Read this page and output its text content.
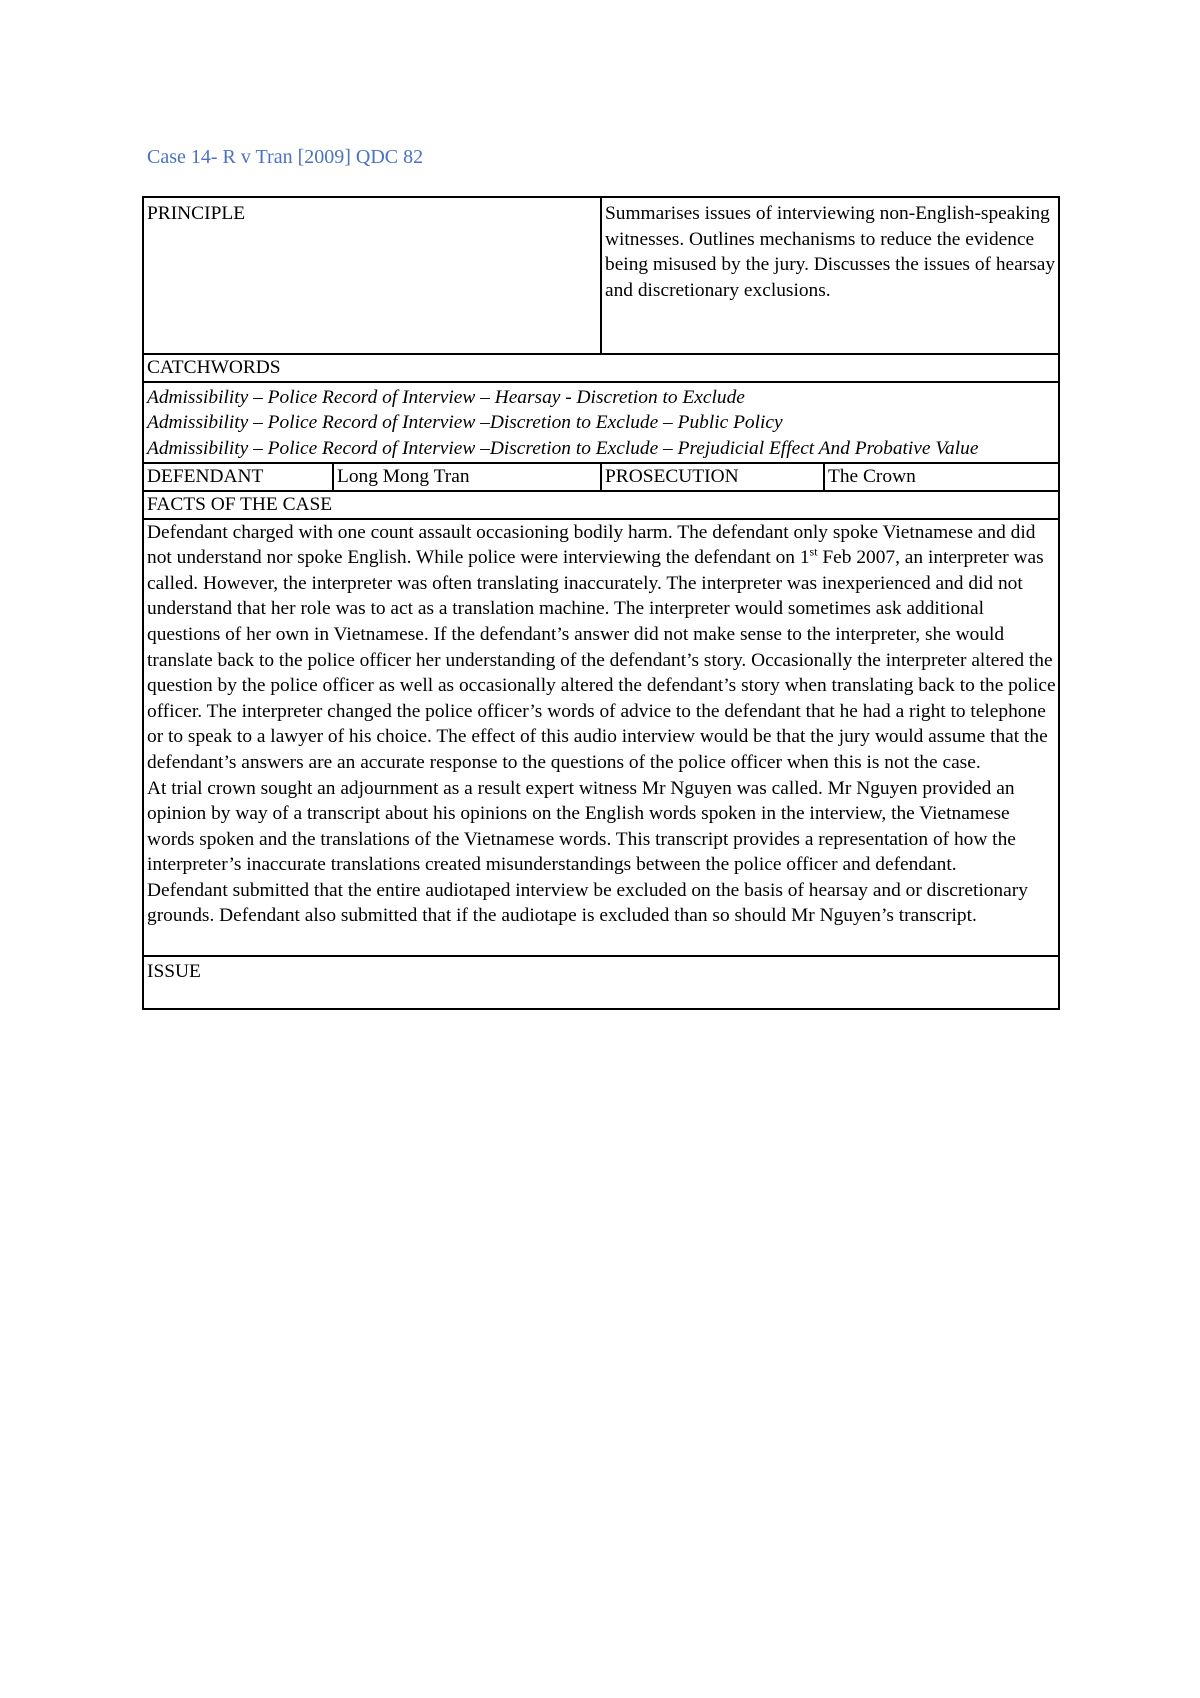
Case 14- R v Tran [2009] QDC 82
PRINCIPLE	Summarises issues of interviewing non-English-speaking witnesses. Outlines mechanisms to reduce the evidence being misused by the jury. Discusses the issues of hearsay and discretionary exclusions.
CATCHWORDS
Admissibility – Police Record of Interview – Hearsay - Discretion to Exclude
Admissibility – Police Record of Interview –Discretion to Exclude – Public Policy
Admissibility – Police Record of Interview –Discretion to Exclude – Prejudicial Effect And Probative Value
DEFENDANT	Long Mong Tran	PROSECUTION	The Crown
FACTS OF THE CASE

Defendant charged with one count assault occasioning bodily harm. The defendant only spoke Vietnamese and did not understand nor spoke English. While police were interviewing the defendant on 1st Feb 2007, an interpreter was called. However, the interpreter was often translating inaccurately. The interpreter was inexperienced and did not understand that her role was to act as a translation machine. The interpreter would sometimes ask additional questions of her own in Vietnamese. If the defendant’s answer did not make sense to the interpreter, she would translate back to the police officer her understanding of the defendant’s story. Occasionally the interpreter altered the question by the police officer as well as occasionally altered the defendant’s story when translating back to the police officer. The interpreter changed the police officer’s words of advice to the defendant that he had a right to telephone or to speak to a lawyer of his choice. The effect of this audio interview would be that the jury would assume that the defendant’s answers are an accurate response to the questions of the police officer when this is not the case.

At trial crown sought an adjournment as a result expert witness Mr Nguyen was called. Mr Nguyen provided an opinion by way of a transcript about his opinions on the English words spoken in the interview, the Vietnamese words spoken and the translations of the Vietnamese words. This transcript provides a representation of how the interpreter’s inaccurate translations created misunderstandings between the police officer and defendant.

Defendant submitted that the entire audiotaped interview be excluded on the basis of hearsay and or discretionary grounds. Defendant also submitted that if the audiotape is excluded than so should Mr Nguyen’s transcript.

ISSUE
